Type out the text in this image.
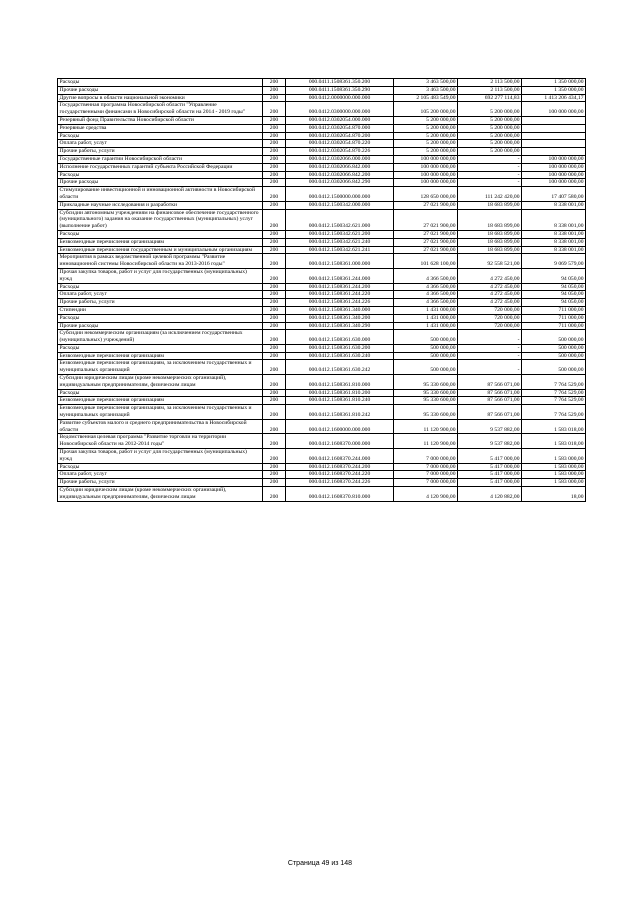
Расходы	200	000.0411.1508361.350.200	3 463 500,00	2 113 500,00	1 350 000,00
Прочие расходы	200	000.0411.1508361.350.290	3 463 500,00	2 113 500,00	1 350 000,00
Другие вопросы в области национальной экономики	200	000.0412.0000000.000.000	2 105 483 549,00	692 277 114,83	1 413 206 434,17
Государственная программа Новосибирской области "Управление государственными финансами в Новосибирской области на 2014 - 2019 годы"	200	000.0412.0300000.000.000	105 200 000,00	5 200 000,00	100 000 000,00
Резервный фонд Правительства Новосибирской области	200	000.0412.0302054.000.000	5 200 000,00	5 200 000,00	
Резервные средства	200	000.0412.0302054.870.000	5 200 000,00	5 200 000,00	
Расходы	200	000.0412.0302054.870.200	5 200 000,00	5 200 000,00	
Оплата работ, услуг	200	000.0412.0302054.870.220	5 200 000,00	5 200 000,00	
Прочие работы, услуги	200	000.0412.0302054.870.226	5 200 000,00	5 200 000,00	
Государственные гарантии Новосибирской области	200	000.0412.0302066.000.000	100 000 000,00	-	100 000 000,00
Исполнение государственных гарантий субъекта Российской Федерации	200	000.0412.0302066.842.000	100 000 000,00	-	100 000 000,00
Расходы	200	000.0412.0302066.842.200	100 000 000,00	-	100 000 000,00
Прочие расходы	200	000.0412.0302066.842.290	100 000 000,00	-	100 000 000,00
Стимулирование инвестиционной и инновационной активности в Новосибирской области	200	000.0412.1500000.000.000	128 650 000,00	111 242 420,00	17 407 580,00
Прикладные научные исследования и разработки	200	000.0412.1500342.000.000	27 021 900,00	18 683 899,00	8 338 001,00
Субсидии автономным учреждениям на финансовое обеспечение государственного (муниципального) задания на оказание государственных (муниципальных) услуг (выполнение работ)	200	000.0412.1500342.621.000	27 021 900,00	18 683 899,00	8 338 001,00
Расходы	200	000.0412.1500342.621.200	27 021 900,00	18 683 899,00	8 338 001,00
Безвозмездные перечисления организациям	200	000.0412.1500342.621.240	27 021 900,00	18 683 899,00	8 338 001,00
Безвозмездные перечисления государственным и муниципальным организациям	200	000.0412.1500342.621.241	27 021 900,00	18 683 899,00	8 338 001,00
Мероприятия в рамках ведомственной целевой программы "Развитие инновационной системы Новосибирской области на 2013-2016 годы"	200	000.0412.1508361.000.000	101 628 100,00	92 558 521,00	9 069 579,00
Прочая закупка товаров, работ и услуг для государственных (муниципальных) нужд	200	000.0412.1508361.244.000	4 366 500,00	4 272 450,00	94 050,00
Расходы	200	000.0412.1508361.244.200	4 366 500,00	4 272 450,00	94 050,00
Оплата работ, услуг	200	000.0412.1508361.244.220	4 366 500,00	4 272 450,00	94 050,00
Прочие работы, услуги	200	000.0412.1508361.244.226	4 366 500,00	4 272 450,00	94 050,00
Стипендии	200	000.0412.1508361.340.000	1 431 000,00	720 000,00	711 000,00
Расходы	200	000.0412.1508361.340.200	1 431 000,00	720 000,00	711 000,00
Прочие расходы	200	000.0412.1508361.340.290	1 431 000,00	720 000,00	711 000,00
Субсидии некоммерческим организациям (за исключением государственных (муниципальных) учреждений)	200	000.0412.1508361.630.000	500 000,00	-	500 000,00
Расходы	200	000.0412.1508361.630.200	500 000,00	-	500 000,00
Безвозмездные перечисления организациям	200	000.0412.1508361.630.240	500 000,00	-	500 000,00
Безвозмездные перечисления организациям, за исключением государственных и муниципальных организаций	200	000.0412.1508361.630.242	500 000,00	-	500 000,00
Субсидии юридическим лицам (кроме некоммерческих организаций), индивидуальным предпринимателям, физическим лицам	200	000.0412.1508361.810.000	95 330 600,00	87 566 071,00	7 764 529,00
Расходы	200	000.0412.1508361.810.200	95 330 600,00	87 566 071,00	7 764 529,00
Безвозмездные перечисления организациям	200	000.0412.1508361.810.240	95 330 600,00	87 566 071,00	7 764 529,00
Безвозмездные перечисления организациям, за исключением государственных и муниципальных организаций	200	000.0412.1508361.810.242	95 330 600,00	87 566 071,00	7 764 529,00
Развитие субъектов малого и среднего предпринимательства в Новосибирской области	200	000.0412.1600000.000.000	11 120 900,00	9 537 882,00	1 583 018,00
Ведомственная целевая программа "Развитие торговли на территории Новосибирской области на 2012-2014 годы"	200	000.0412.1608370.000.000	11 120 900,00	9 537 882,00	1 583 018,00
Прочая закупка товаров, работ и услуг для государственных (муниципальных) нужд	200	000.0412.1608370.244.000	7 000 000,00	5 417 000,00	1 583 000,00
Расходы	200	000.0412.1608370.244.200	7 000 000,00	5 417 000,00	1 583 000,00
Оплата работ, услуг	200	000.0412.1608370.244.220	7 000 000,00	5 417 000,00	1 583 000,00
Прочие работы, услуги	200	000.0412.1608370.244.226	7 000 000,00	5 417 000,00	1 583 000,00
Субсидии юридическим лицам (кроме некоммерческих организаций), индивидуальным предпринимателям, физическим лицам	200	000.0412.1608370.810.000	4 120 900,00	4 120 882,00	18,00
Страница 49 из 148
